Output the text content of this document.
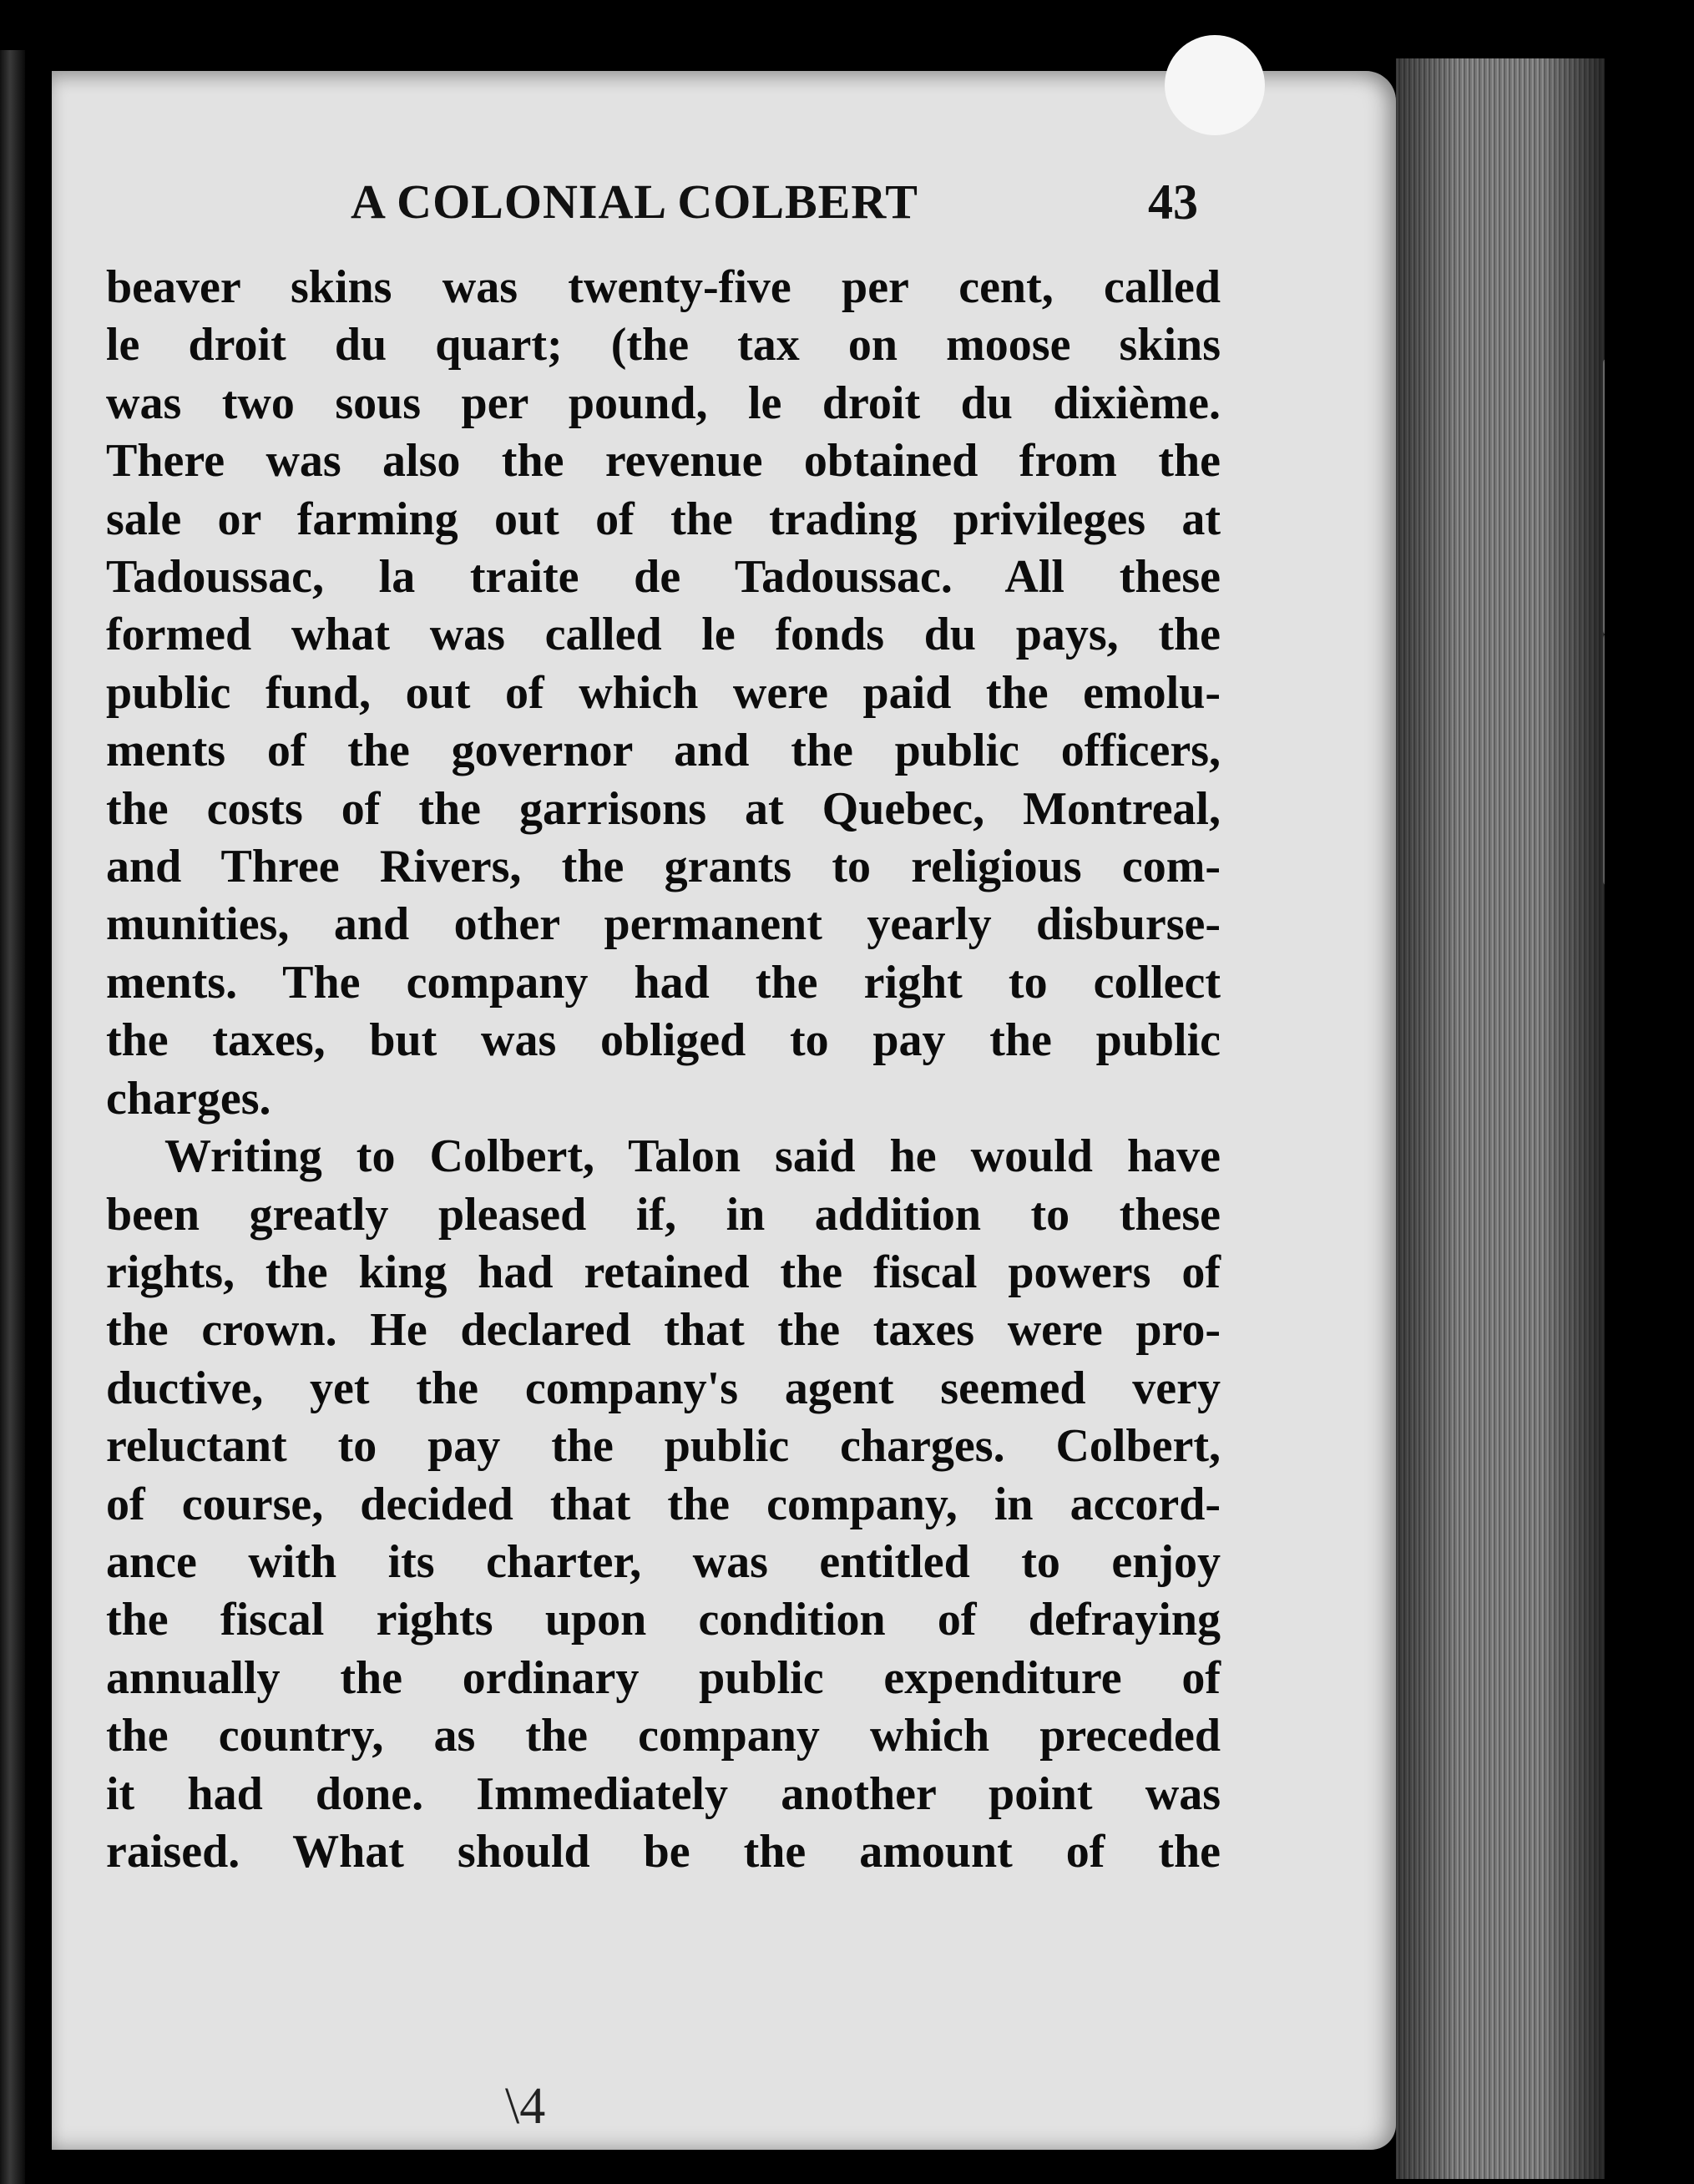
A COLONIAL COLBERT	43
beaver skins was twenty-five per cent, called
le droit du quart; (the tax on moose skins
was two sous per pound, le droit du dixième.
There was also the revenue obtained from the
sale or farming out of the trading privileges at
Tadoussac, la traite de Tadoussac. All these
formed what was called le fonds du pays, the
public fund, out of which were paid the emolu-
ments of the governor and the public officers,
the costs of the garrisons at Quebec, Montreal,
and Three Rivers, the grants to religious com-
munities, and other permanent yearly disburse-
ments. The company had the right to collect
the taxes, but was obliged to pay the public
charges.
Writing to Colbert, Talon said he would have
been greatly pleased if, in addition to these
rights, the king had retained the fiscal powers of
the crown. He declared that the taxes were pro-
ductive, yet the company's agent seemed very
reluctant to pay the public charges. Colbert,
of course, decided that the company, in accord-
ance with its charter, was entitled to enjoy
the fiscal rights upon condition of defraying
annually the ordinary public expenditure of
the country, as the company which preceded
it had done. Immediately another point was
raised. What should be the amount of the
\4
